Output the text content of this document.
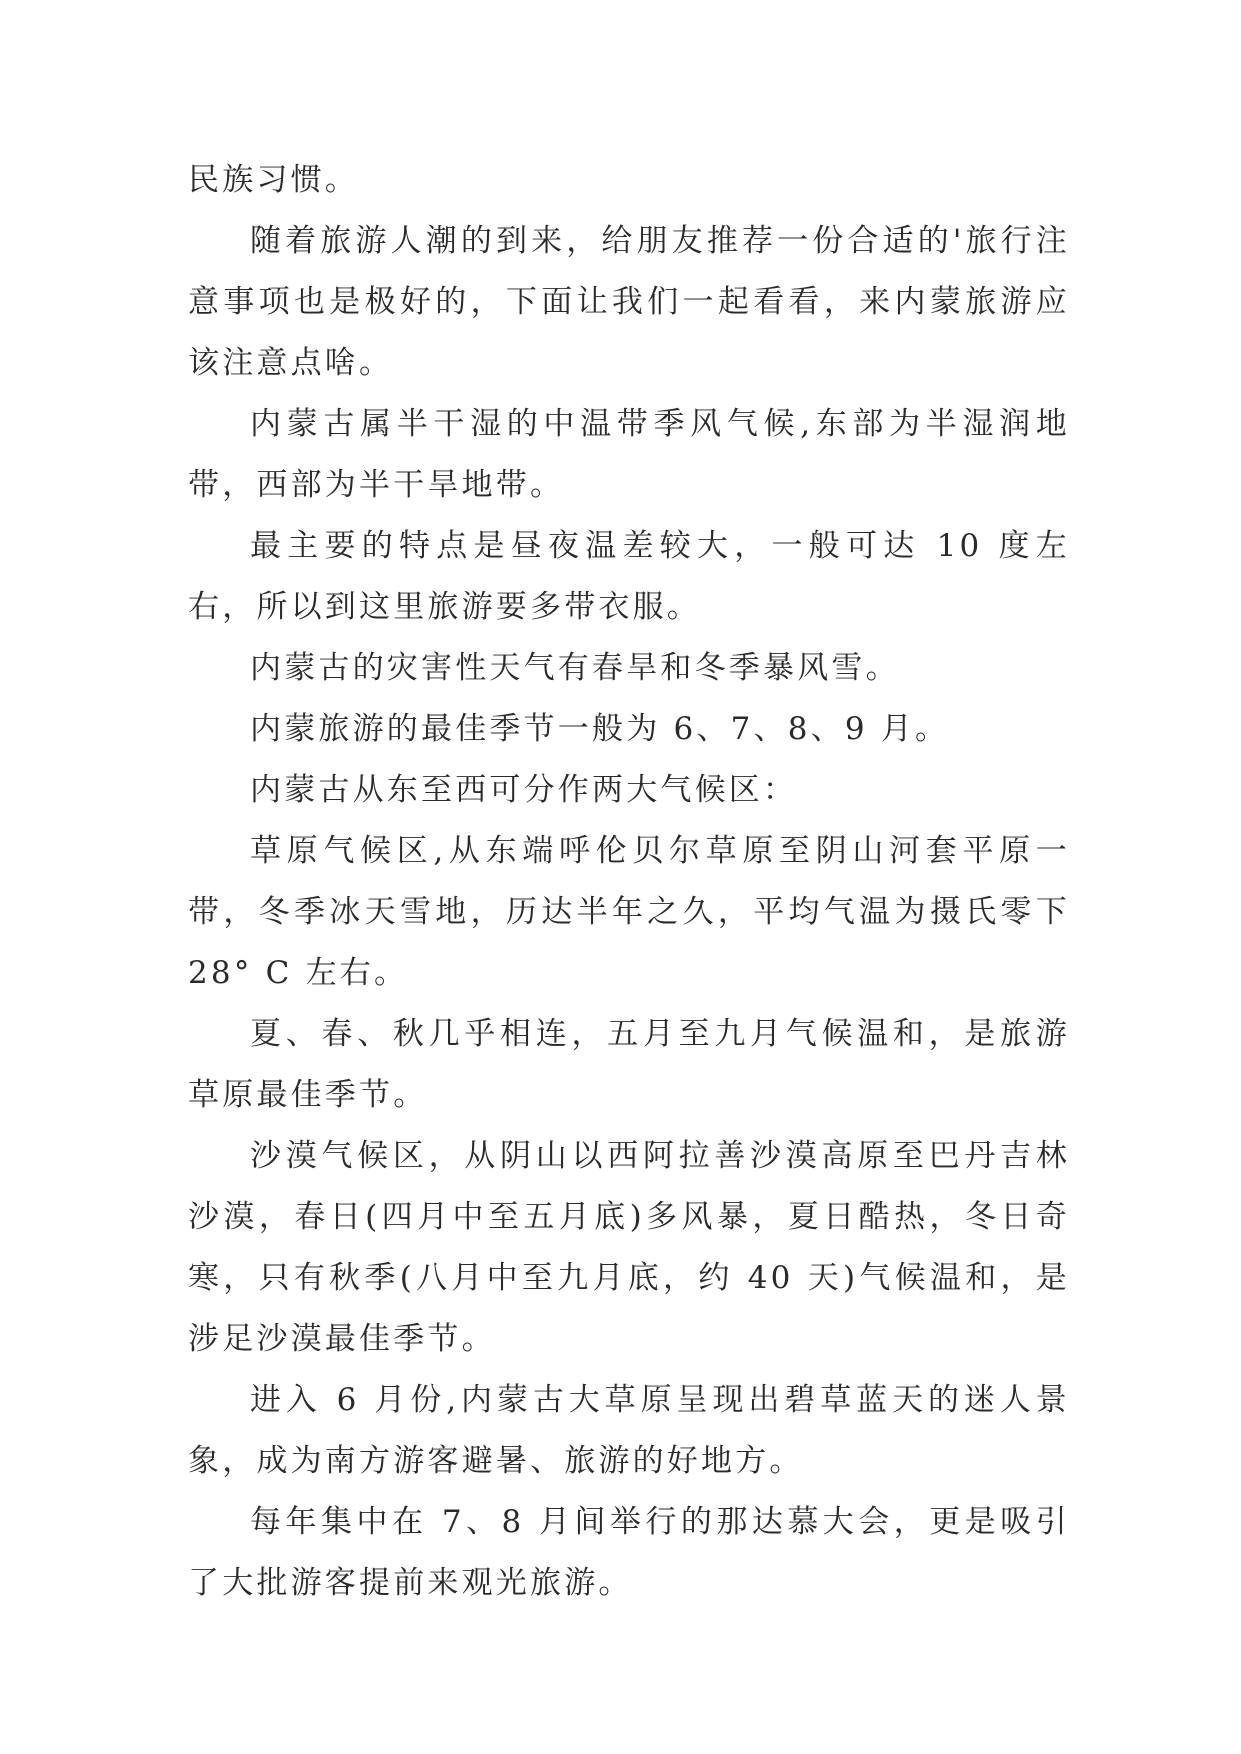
民族习惯。

随着旅游人潮的到来，给朋友推荐一份合适的'旅行注意事项也是极好的，下面让我们一起看看，来内蒙旅游应该注意点啥。

内蒙古属半干湿的中温带季风气候,东部为半湿润地带，西部为半干旱地带。

最主要的特点是昼夜温差较大，一般可达 10 度左右，所以到这里旅游要多带衣服。

内蒙古的灾害性天气有春旱和冬季暴风雪。

内蒙旅游的最佳季节一般为 6、7、8、9 月。

内蒙古从东至西可分作两大气候区：

草原气候区,从东端呼伦贝尔草原至阴山河套平原一带，冬季冰天雪地，历达半年之久，平均气温为摄氏零下 28° C 左右。

夏、春、秋几乎相连，五月至九月气候温和，是旅游草原最佳季节。

沙漠气候区，从阴山以西阿拉善沙漠高原至巴丹吉林沙漠，春日(四月中至五月底)多风暴，夏日酷热，冬日奇寒，只有秋季(八月中至九月底，约 40 天)气候温和，是涉足沙漠最佳季节。

进入 6 月份,内蒙古大草原呈现出碧草蓝天的迷人景象，成为南方游客避暑、旅游的好地方。

每年集中在 7、8 月间举行的那达慕大会，更是吸引了大批游客提前来观光旅游。
